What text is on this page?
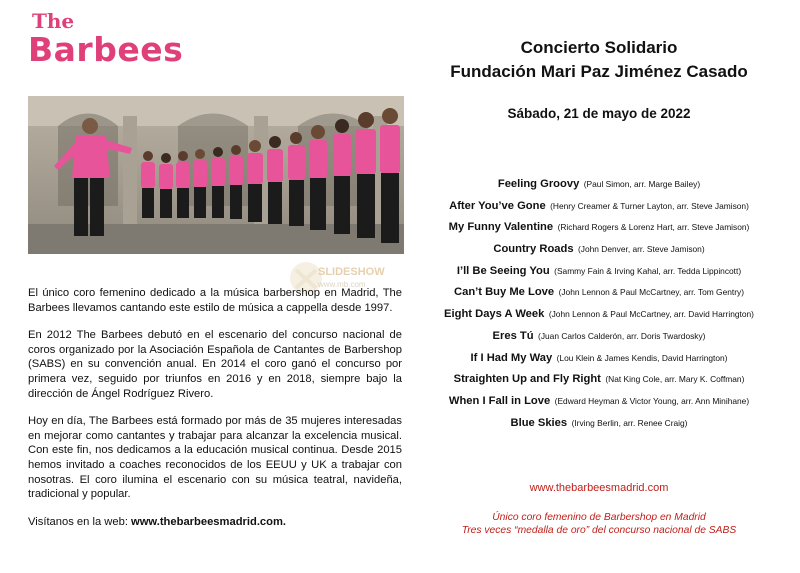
The
Barbees
SLIDESHOW
www.mb.com

El único coro femenino dedicado a la música barbershop en Madrid, The Barbees llevamos cantando este estilo de música a cappella desde 1997.

En 2012 The Barbees debutó en el escenario del concurso nacional de coros organizado por la Asociación Española de Cantantes de Barbershop (SABS) en su convención anual. En 2014 el coro ganó el concurso por primera vez, seguido por triunfos en 2016 y en 2018, siempre bajo la dirección de Ángel Rodríguez Rivero.

Hoy en día, The Barbees está formado por más de 35 mujeres interesadas en mejorar como cantantes y trabajar para alcanzar la excelencia musical. Con este fin, nos dedicamos a la educación musical continua. Desde 2015 hemos invitado a coaches reconocidos de los EEUU y UK a trabajar con nosotras. El coro ilumina el escenario con su música teatral, navideña, tradicional y popular.

Visítanos en la web: www.thebarbeesmadrid.com.

Concierto Solidario
Fundación Mari Paz Jiménez Casado
Sábado, 21 de mayo de 2022
Feeling Groovy (Paul Simon, arr. Marge Bailey)
After You’ve Gone (Henry Creamer & Turner Layton, arr. Steve Jamison)
My Funny Valentine (Richard Rogers & Lorenz Hart, arr. Steve Jamison)
Country Roads (John Denver, arr. Steve Jamison)
I’ll Be Seeing You (Sammy Fain & Irving Kahal, arr. Tedda Lippincott)
Can’t Buy Me Love (John Lennon & Paul McCartney, arr. Tom Gentry)
Eight Days A Week (John Lennon & Paul McCartney, arr. David Harrington)
Eres Tú (Juan Carlos Calderón, arr. Doris Twardosky)
If I Had My Way (Lou Klein & James Kendis, David Harrington)
Straighten Up and Fly Right (Nat King Cole, arr. Mary K. Coffman)
When I Fall in Love (Edward Heyman & Victor Young, arr. Ann Minihane)
Blue Skies (Irving Berlin, arr. Renee Craig)
www.thebarbeesmadrid.com
Único coro femenino de Barbershop en Madrid
Tres veces “medalla de oro” del concurso nacional de SABS
